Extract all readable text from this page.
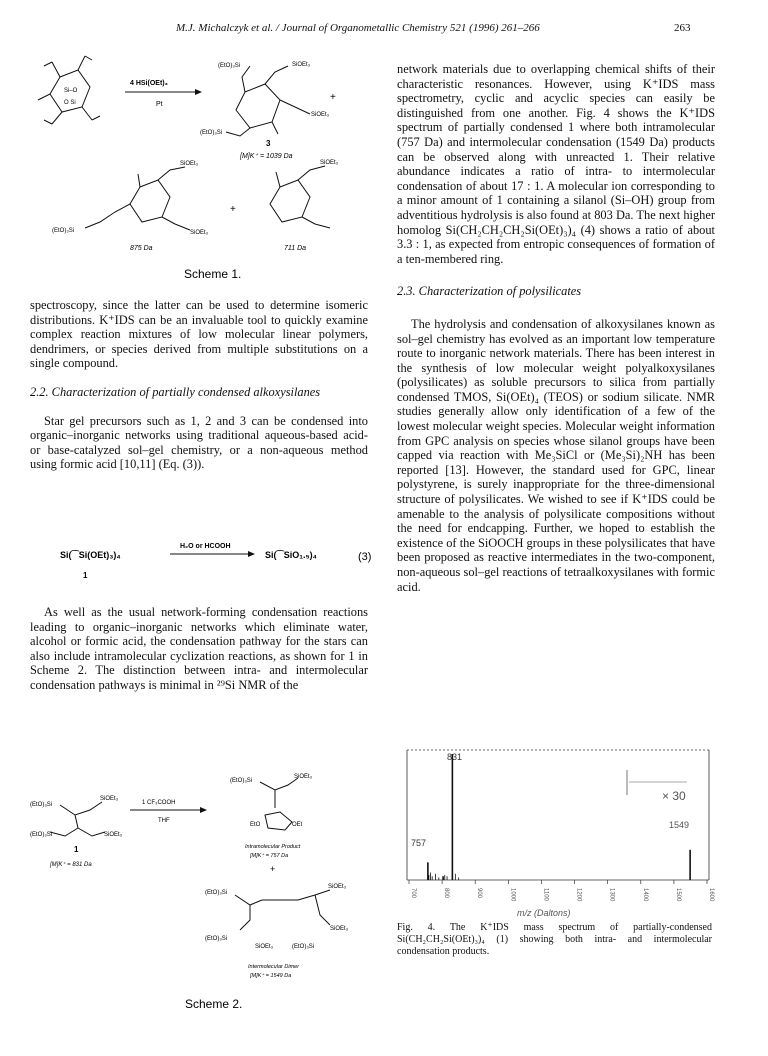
M.J. Michalczyk et al. / Journal of Organometallic Chemistry 521 (1996) 261–266	263
Si–O
O Si
4 HSi(OEt)₃
Pt
(EtO)₃Si	SiOEt₃
SiOEt₃
(EtO)₃Si
+
3
[M]K⁺ = 1039 Da
SiOEt₃
SiOEt₃
(EtO)₃Si
+
SiOEt₃
875 Da	711 Da
Scheme 1.

spectroscopy, since the latter can be used to determine isomeric distributions. K⁺IDS can be an invaluable tool to quickly examine complex reaction mixtures of low molecular linear polymers, dendrimers, or species derived from multiple substitutions on a single compound.

2.2. Characterization of partially condensed alkoxysilanes

Star gel precursors such as 1, 2 and 3 can be condensed into organic–inorganic networks using traditional aqueous-based acid- or base-catalyzed sol–gel chemistry, or a non-aqueous method using formic acid [10,11] (Eq. (3)).

Si(⁀Si(OEt)₃)₄
1
H₂O or HCOOH
Si(⁀SiO₁.₅)₄	(3)

As well as the usual network-forming condensation reactions leading to organic–inorganic networks which eliminate water, alcohol or formic acid, the condensation pathway for the stars can also include intramolecular cyclization reactions, as shown for 1 in Scheme 2. The distinction between intra- and intermolecular condensation pathways is minimal in ²⁹Si NMR of the

(EtO)₃Si
SiOEt₃
(EtO)₃Si	SiOEt₃
1
[M]K⁺ = 831 Da
1 CF₃COOH
THF
(EtO)₃Si
SiOEt₃
EtO	OEt
Intramolecular Product
[M]K⁺ = 757 Da
+
(EtO)₃Si
SiOEt₃
(EtO)₃Si
SiOEt₃
SiOEt₃	(EtO)₃Si
Intermolecular Dimer
[M]K⁺ = 1549 Da
Scheme 2.

network materials due to overlapping chemical shifts of their characteristic resonances. However, using K⁺IDS mass spectrometry, cyclic and acyclic species can easily be distinguished from one another. Fig. 4 shows the K⁺IDS spectrum of partially condensed 1 where both intramolecular (757 Da) and intermolecular condensation (1549 Da) products can be observed along with unreacted 1. Their relative abundance indicates a ratio of intra- to intermolecular condensation of about 17 : 1. A molecular ion corresponding to a minor amount of 1 containing a silanol (Si–OH) group from adventitious hydrolysis is also found at 803 Da. The next higher homolog Si(CH₂CH₂CH₂Si(OEt)₃)₄ (4) shows a ratio of about 3.3 : 1, as expected from entropic consequences of formation of a ten-membered ring.

2.3. Characterization of polysilicates

The hydrolysis and condensation of alkoxysilanes known as sol–gel chemistry has evolved as an important low temperature route to inorganic network materials. There has been interest in the synthesis of low molecular weight polyalkoxysilanes (polysilicates) as soluble precursors to silica from partially condensed TMOS, Si(OEt)₄ (TEOS) or sodium silicate. NMR studies generally allow only identification of a few of the lowest molecular weight species. Molecular weight information from GPC analysis on species whose silanol groups have been capped via reaction with Me₃SiCl or (Me₃Si)₂NH has been reported [13]. However, the standard used for GPC, linear polystyrene, is surely inappropriate for the three-dimensional structure of polysilicates. We wished to see if K⁺IDS could be amenable to the analysis of polysilicate compositions without the need for endcapping. Further, we hoped to establish the existence of the SiOOCH groups in these polysilicates that have been proposed as reactive intermediates in the two-component, non-aqueous sol–gel reactions of tetraalkoxysilanes with formic acid.

× 30
700	800	900	1000	1100	1200	1300	1400	1500	1600
831
757
1549
m/z (Daltons)
Fig. 4. The K⁺IDS mass spectrum of partially-condensed Si(CH₂CH₂Si(OEt)₃)₄ (1) showing both intra- and intermolecular condensation products.
